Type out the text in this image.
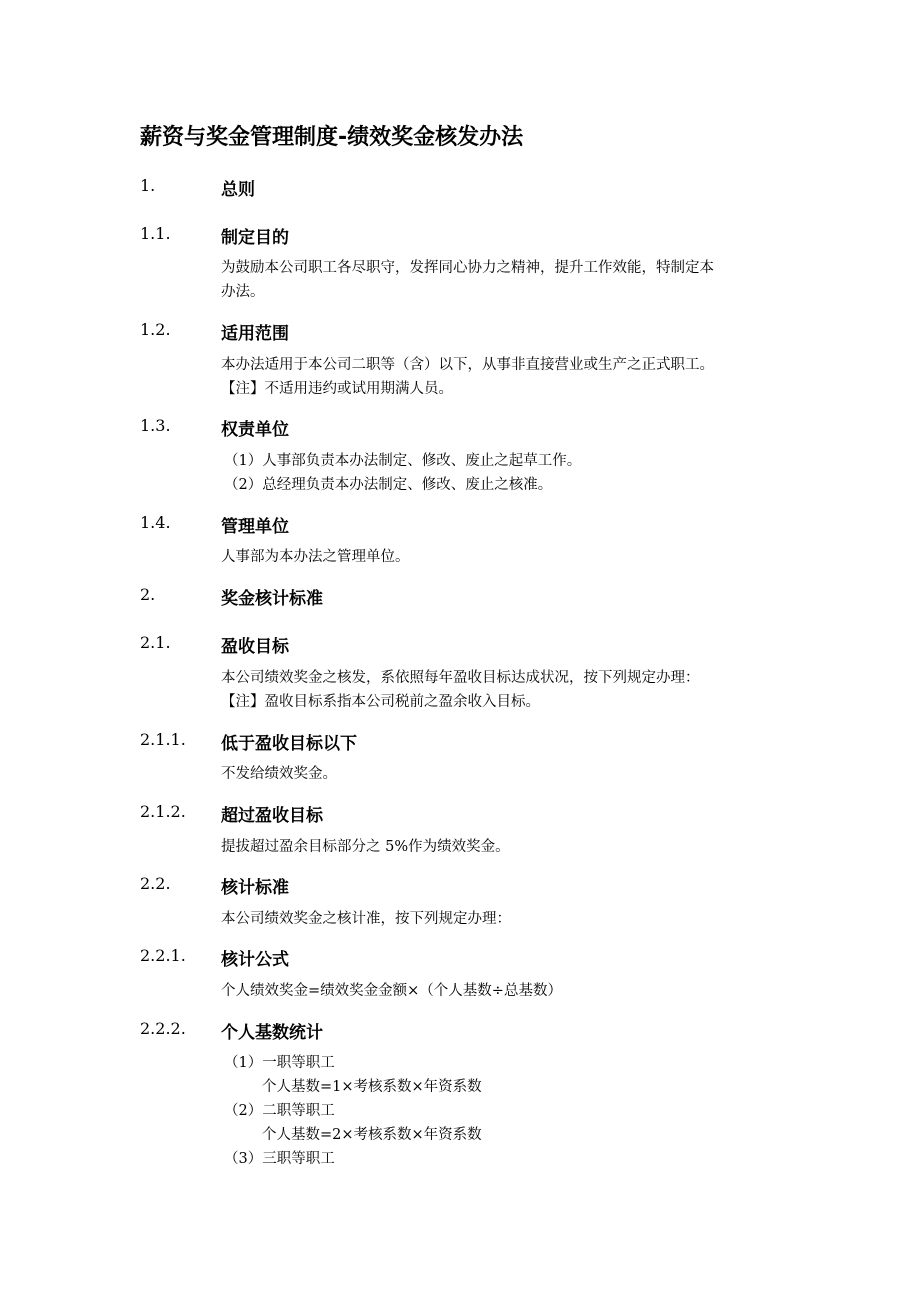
薪资与奖金管理制度-绩效奖金核发办法
1.	总则
1.1.	制定目的
为鼓励本公司职工各尽职守，发挥同心协力之精神，提升工作效能，特制定本
办法。
1.2.	适用范围
本办法适用于本公司二职等（含）以下，从事非直接营业或生产之正式职工。
【注】不适用违约或试用期满人员。
1.3.	权责单位
（1）人事部负责本办法制定、修改、废止之起草工作。
（2）总经理负责本办法制定、修改、废止之核准。
1.4.	管理单位
人事部为本办法之管理单位。
2.	奖金核计标准
2.1.	盈收目标
本公司绩效奖金之核发，系依照每年盈收目标达成状况，按下列规定办理：
【注】盈收目标系指本公司税前之盈余收入目标。
2.1.1. 低于盈收目标以下
不发给绩效奖金。
2.1.2. 超过盈收目标
提拔超过盈余目标部分之 5%作为绩效奖金。
2.2.	核计标准
本公司绩效奖金之核计准，按下列规定办理：
2.2.1. 核计公式
个人绩效奖金=绩效奖金金额×（个人基数÷总基数）
2.2.2. 个人基数统计
（1）一职等职工
个人基数=1×考核系数×年资系数
（2）二职等职工
个人基数=2×考核系数×年资系数
（3）三职等职工
